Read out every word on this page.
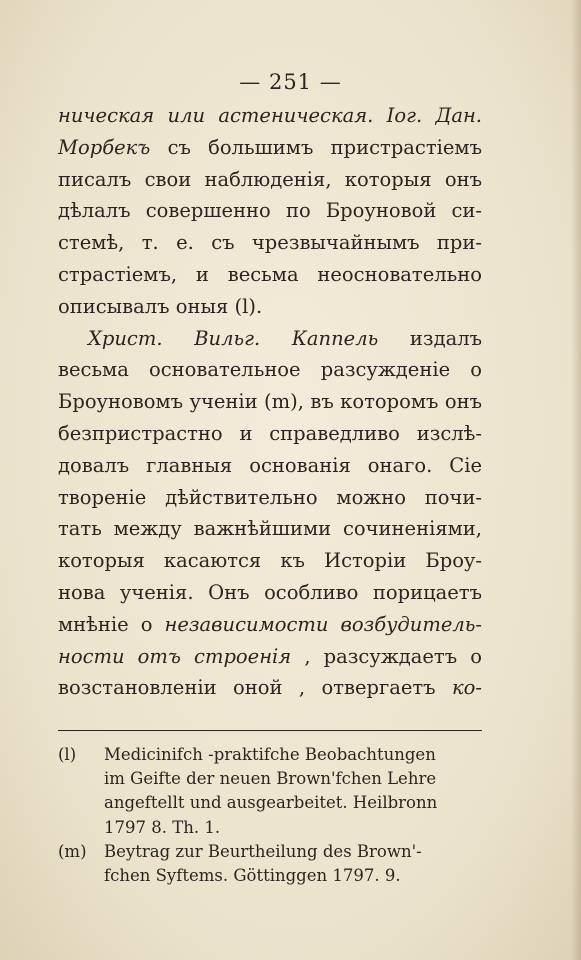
— 251 —
ническая или астеническая. Іог. Дан.
Морбекъ съ большимъ пристрастіемъ
писалъ свои наблюденія, которыя онъ
дѣлалъ совершенно по Броуновой си-
стемѣ, т. е. съ чрезвычайнымъ при-
страстіемъ, и весьма неосновательно
описывалъ оныя (l).
Христ. Вильг. Каппель издалъ
весьма основательное разсужденіе о
Броуновомъ ученіи (m), въ которомъ онъ
безпристрастно и справедливо изслѣ-
довалъ главныя основанія онаго. Сіе
твореніе дѣйствительно можно почи-
тать между важнѣйшими сочиненіями,
которыя касаются къ Исторіи Броу-
нова ученія. Онъ особливо порицаетъ
мнѣніе о независимости возбудитель-
ности отъ строенія , разсуждаетъ о
возстановленіи оной , отвергаетъ ко-
(l) Medicinifch -praktifche Beobachtungen
im Geifte der neuen Brown'fchen Lehre
angeftellt und ausgearbeitet. Heilbronn
1797 8. Th. 1.
(m) Beytrag zur Beurtheilung des Brown'-
fchen Syftems. Göttinggen 1797. 9.
